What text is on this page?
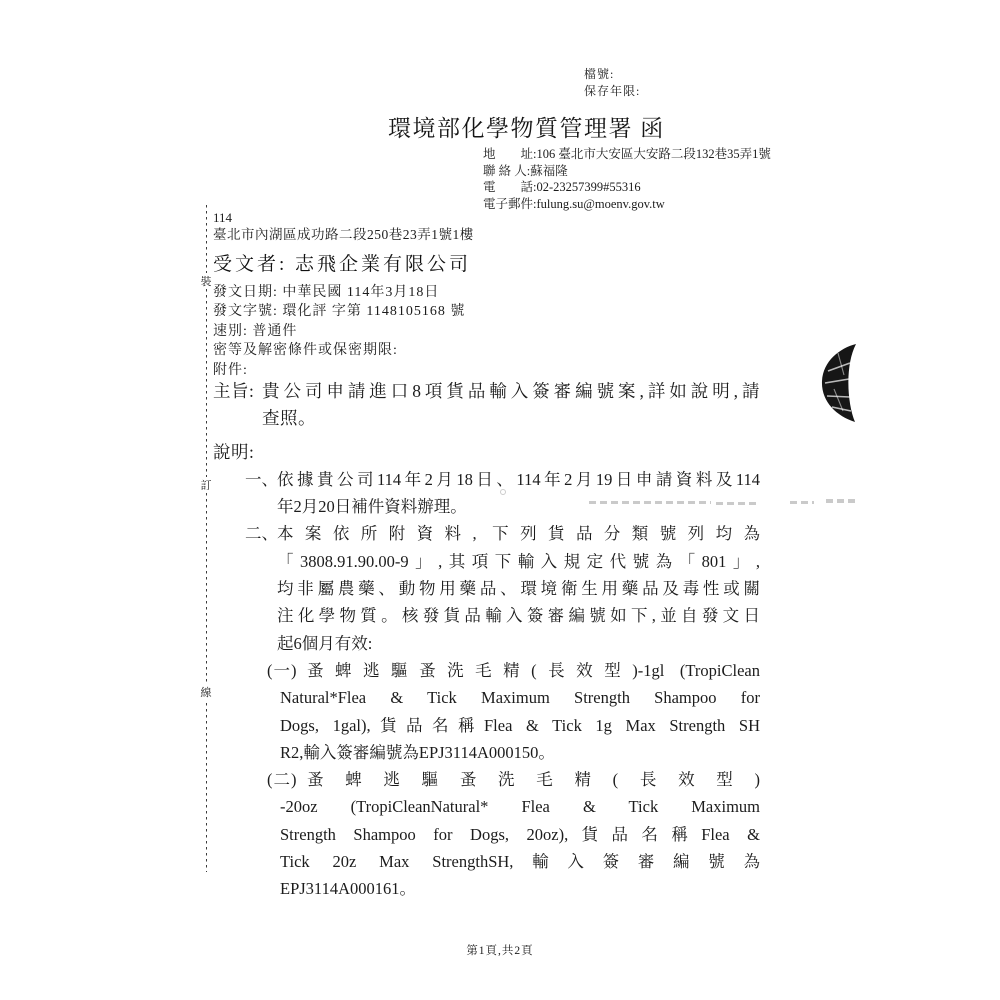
檔號:
保存年限:
環境部化學物質管理署 函
地　　址:106 臺北市大安區大安路二段132巷35弄1號
聯 絡 人:蘇福隆
電　　話:02-23257399#55316
電子郵件:fulung.su@moenv.gov.tw
114
臺北市內湖區成功路二段250巷23弄1號1樓
受文者: 志飛企業有限公司
發文日期: 中華民國 114年3月18日
發文字號: 環化評 字第 1148105168 號
速別: 普通件
密等及解密條件或保密期限:
附件:
主旨: 貴公司申請進口8項貨品輸入簽審編號案,詳如說明,請
查照。
說明:
一、 依據貴公司114年2月18日、114年2月19日申請資料及114
年2月20日補件資料辦理。
二、 本案依所附資料, 下列貨品分類號列均為
「3808.91.90.00-9」,其項下輸入規定代號為「801」,
均非屬農藥、動物用藥品、環境衛生用藥品及毒性或關
注化學物質。核發貨品輸入簽審編號如下,並自發文日
起6個月有效:
(一) 蚤蜱逃驅蚤洗毛精(長效型)-1gl (TropiClean
Natural*Flea & Tick Maximum Strength Shampoo for
Dogs, 1gal),貨品名稱Flea & Tick 1g Max Strength SH
R2,輸入簽審編號為EPJ3114A000150。
(二) 蚤蜱逃驅蚤洗毛精(長效型)
-20oz (TropiCleanNatural* Flea & Tick Maximum
Strength Shampoo for Dogs, 20oz),貨品名稱Flea &
Tick 20z Max StrengthSH,輸入簽審編號為
EPJ3114A000161。
裝
訂
線
第1頁,共2頁
